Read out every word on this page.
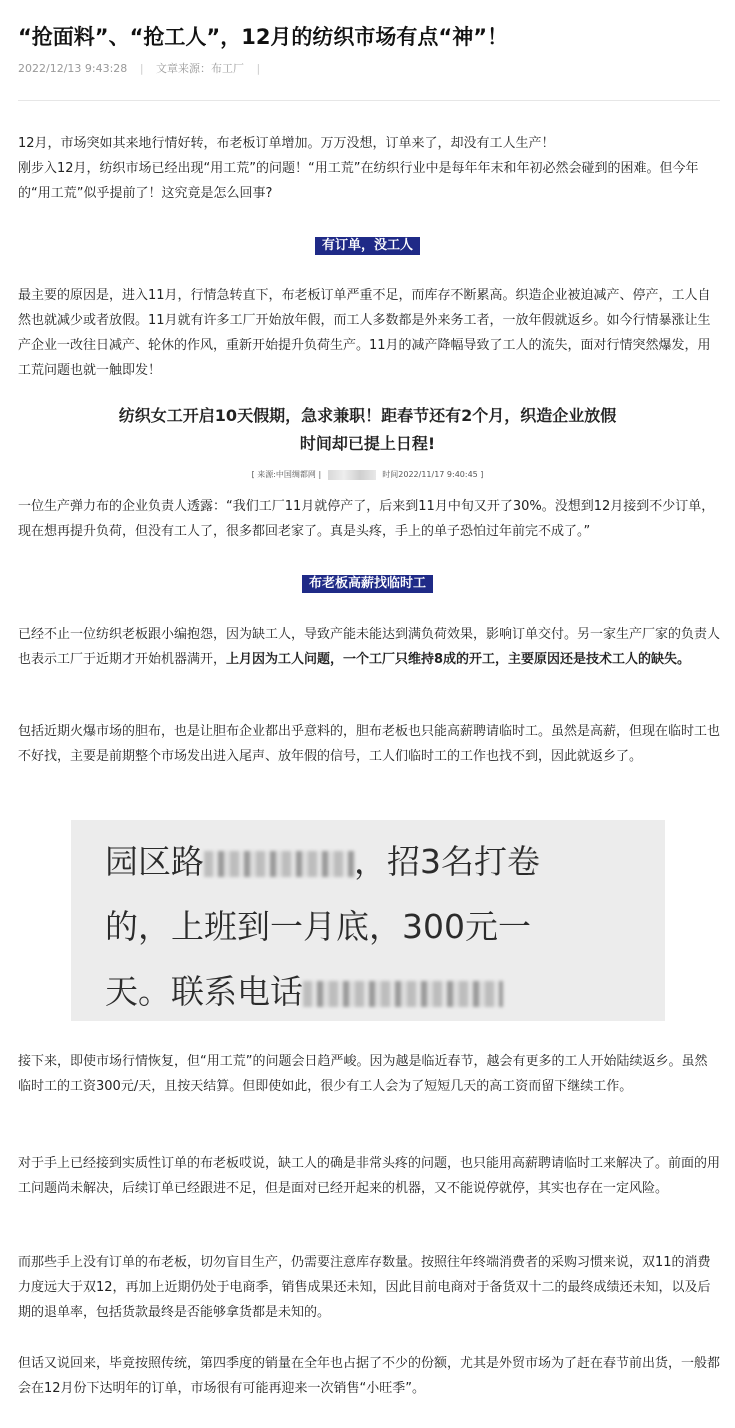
“抢面料”、“抢工人”，12月的纺织市场有点“神”！
2022/12/13 9:43:28 | 文章来源：布工厂 |

12月，市场突如其来地行情好转，布老板订单增加。万万没想，订单来了，却没有工人生产！

刚步入12月，纺织市场已经出现“用工荒”的问题！“用工荒”在纺织行业中是每年年末和年初必然会碰到的困难。但今年的“用工荒”似乎提前了！这究竟是怎么回事?

有订单，没工人

最主要的原因是，进入11月，行情急转直下，布老板订单严重不足，而库存不断累高。织造企业被迫减产、停产，工人自然也就减少或者放假。11月就有许多工厂开始放年假，而工人多数都是外来务工者，一放年假就返乡。如今行情暴涨让生产企业一改往日减产、轮休的作风，重新开始提升负荷生产。11月的减产降幅导致了工人的流失，面对行情突然爆发，用工荒问题也就一触即发！

纺织女工开启10天假期，急求兼职！距春节还有2个月，织造企业放假
时间却已提上日程!
[ 来源:中国绸都网 |	时间2022/11/17 9:40:45 ]

一位生产弹力布的企业负责人透露：“我们工厂11月就停产了，后来到11月中旬又开了30%。没想到12月接到不少订单，现在想再提升负荷，但没有工人了，很多都回老家了。真是头疼，手上的单子恐怕过年前完不成了。”

布老板高薪找临时工

已经不止一位纺织老板跟小编抱怨，因为缺工人，导致产能未能达到满负荷效果，影响订单交付。另一家生产厂家的负责人也表示工厂于近期才开始机器满开，上月因为工人问题，一个工厂只维持8成的开工，主要原因还是技术工人的缺失。

包括近期火爆市场的胆布，也是让胆布企业都出乎意料的，胆布老板也只能高薪聘请临时工。虽然是高薪，但现在临时工也不好找，主要是前期整个市场发出进入尾声、放年假的信号，工人们临时工的工作也找不到，因此就返乡了。

园区路	，招3名打卷
的，上班到一月底，300元一
天。联系电话

接下来，即使市场行情恢复，但“用工荒”的问题会日趋严峻。因为越是临近春节，越会有更多的工人开始陆续返乡。虽然临时工的工资300元/天，且按天结算。但即使如此，很少有工人会为了短短几天的高工资而留下继续工作。

对于手上已经接到实质性订单的布老板哎说，缺工人的确是非常头疼的问题，也只能用高薪聘请临时工来解决了。前面的用工问题尚未解决，后续订单已经跟进不足，但是面对已经开起来的机器，又不能说停就停，其实也存在一定风险。

而那些手上没有订单的布老板，切勿盲目生产，仍需要注意库存数量。按照往年终端消费者的采购习惯来说，双11的消费力度远大于双12，再加上近期仍处于电商季，销售成果还未知，因此目前电商对于备货双十二的最终成绩还未知，以及后期的退单率，包括货款最终是否能够拿货都是未知的。

但话又说回来，毕竟按照传统，第四季度的销量在全年也占据了不少的份额，尤其是外贸市场为了赶在春节前出货，一般都会在12月份下达明年的订单，市场很有可能再迎来一次销售“小旺季”。
